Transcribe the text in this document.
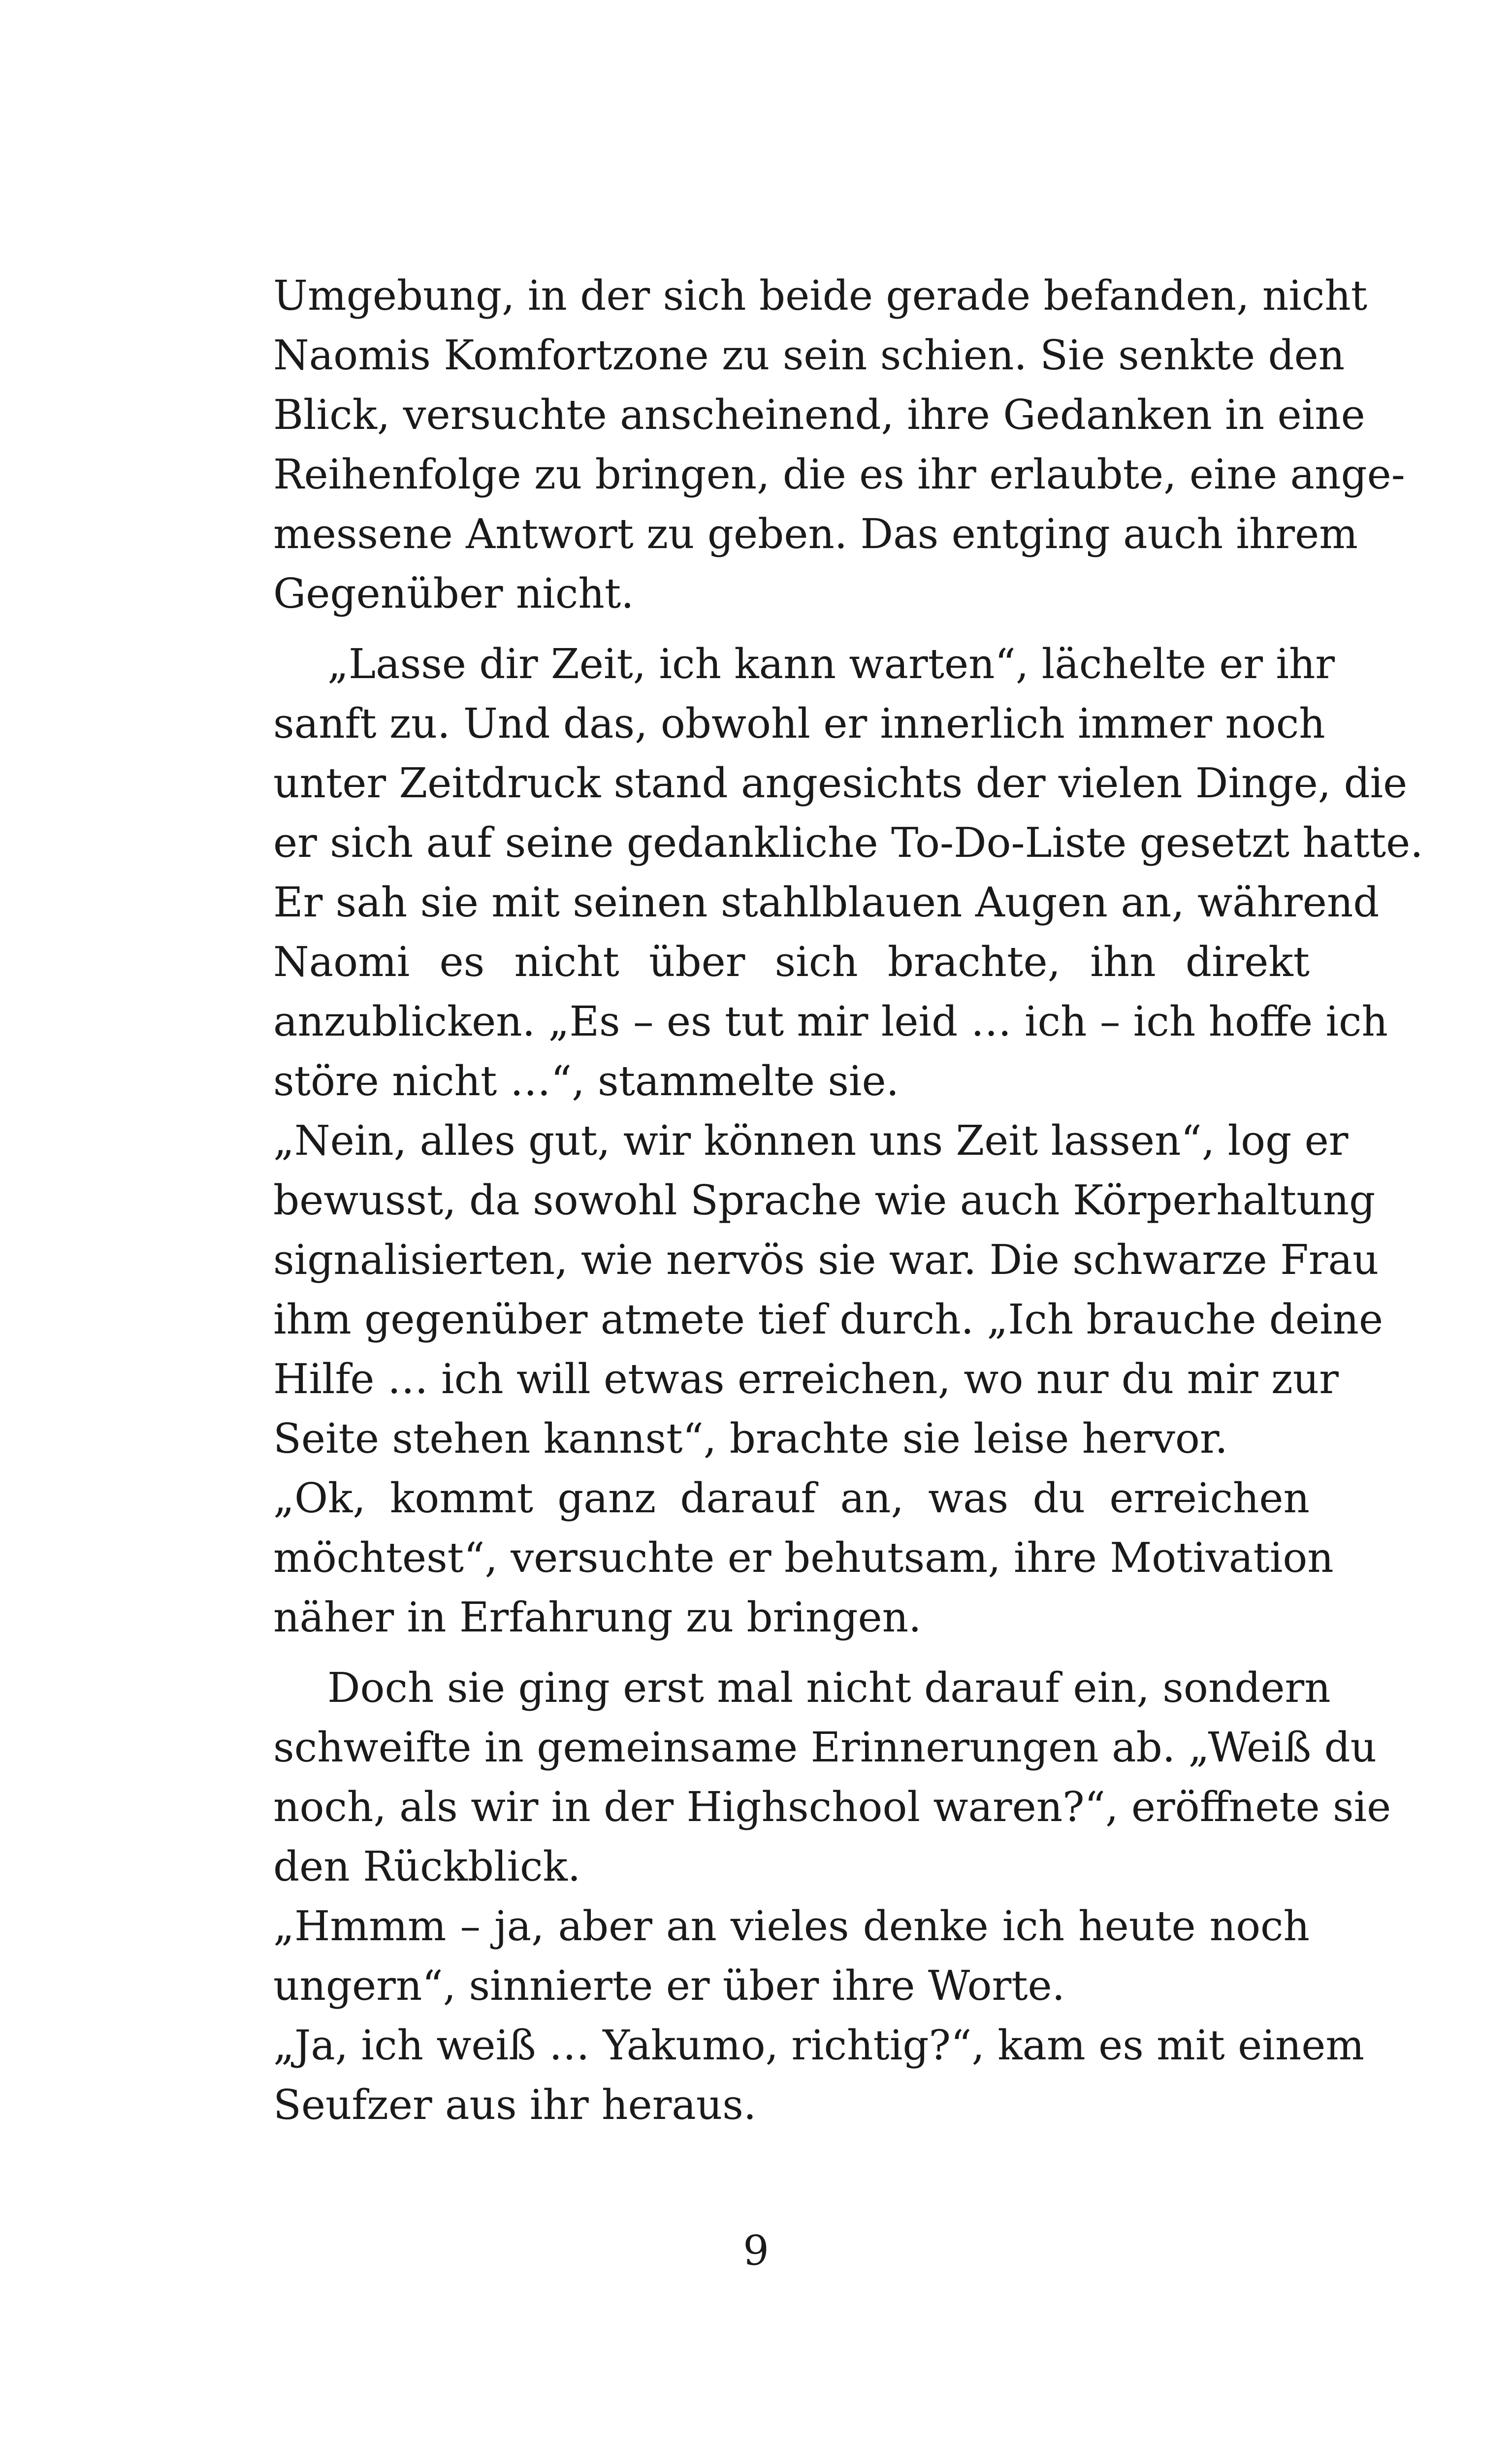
Umgebung, in der sich beide gerade befanden, nicht
Naomis Komfortzone zu sein schien. Sie senkte den
Blick, versuchte anscheinend, ihre Gedanken in eine
Reihenfolge zu bringen, die es ihr erlaubte, eine ange-
messene Antwort zu geben. Das entging auch ihrem
Gegenüber nicht.
„Lasse dir Zeit, ich kann warten“, lächelte er ihr
sanft zu. Und das, obwohl er innerlich immer noch
unter Zeitdruck stand angesichts der vielen Dinge, die
er sich auf seine gedankliche To-Do-Liste gesetzt hatte.
Er sah sie mit seinen stahlblauen Augen an, während
Naomi es nicht über sich brachte, ihn direkt
anzublicken. „Es – es tut mir leid … ich – ich hoffe ich
störe nicht …“, stammelte sie.
„Nein, alles gut, wir können uns Zeit lassen“, log er
bewusst, da sowohl Sprache wie auch Körperhaltung
signalisierten, wie nervös sie war. Die schwarze Frau
ihm gegenüber atmete tief durch. „Ich brauche deine
Hilfe … ich will etwas erreichen, wo nur du mir zur
Seite stehen kannst“, brachte sie leise hervor.
„Ok, kommt ganz darauf an, was du erreichen
möchtest“, versuchte er behutsam, ihre Motivation
näher in Erfahrung zu bringen.
Doch sie ging erst mal nicht darauf ein, sondern
schweifte in gemeinsame Erinnerungen ab. „Weiß du
noch, als wir in der Highschool waren?“, eröffnete sie
den Rückblick.
„Hmmm – ja, aber an vieles denke ich heute noch
ungern“, sinnierte er über ihre Worte.
„Ja, ich weiß … Yakumo, richtig?“, kam es mit einem
Seufzer aus ihr heraus.
9
